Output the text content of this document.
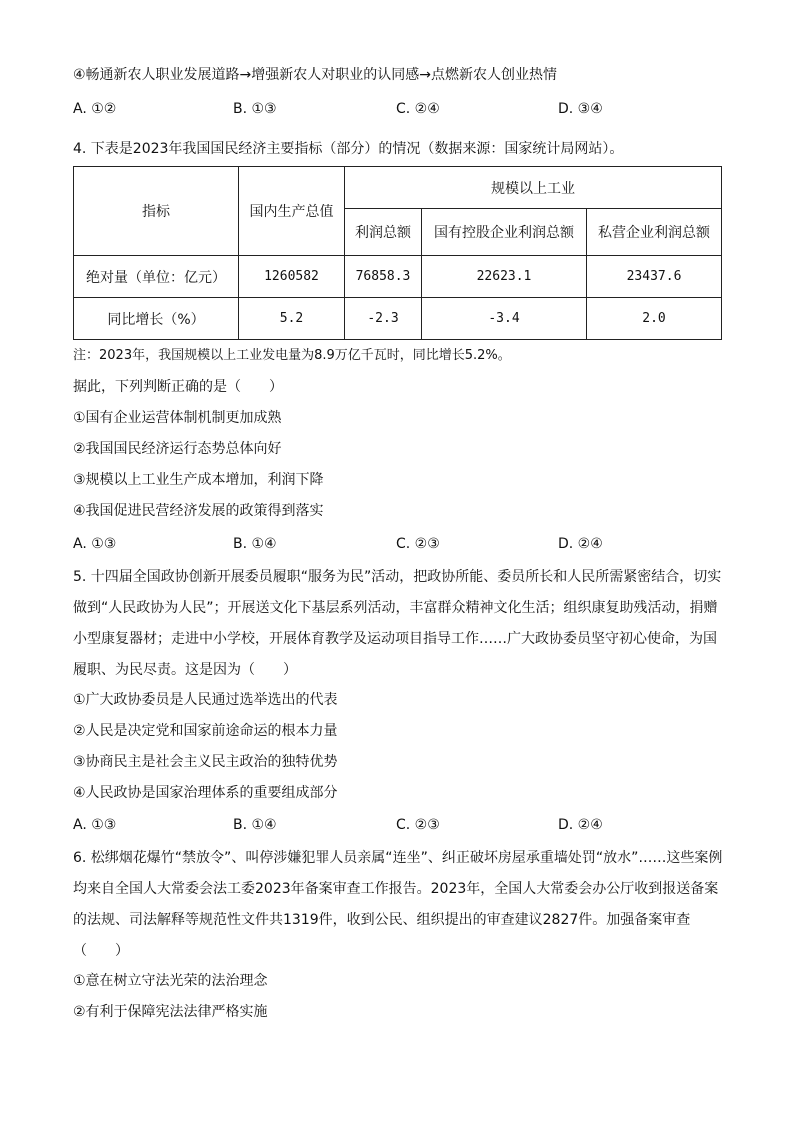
④畅通新农人职业发展道路→增强新农人对职业的认同感→点燃新农人创业热情
A. ①②	B. ①③	C. ②④	D. ③④
4. 下表是2023年我国国民经济主要指标（部分）的情况（数据来源：国家统计局网站）。
指标	国内生产总值	规模以上工业		
		利润总额	国有控股企业利润总额	私营企业利润总额
绝对量（单位：亿元）	1260582	76858.3	22623.1	23437.6
同比增长（%）	5.2	-2.3	-3.4	2.0
注：2023年，我国规模以上工业发电量为8.9万亿千瓦时，同比增长5.2%。
据此，下列判断正确的是（　　）
①国有企业运营体制机制更加成熟
②我国国民经济运行态势总体向好
③规模以上工业生产成本增加，利润下降
④我国促进民营经济发展的政策得到落实
A. ①③	B. ①④	C. ②③	D. ②④
5. 十四届全国政协创新开展委员履职“服务为民”活动，把政协所能、委员所长和人民所需紧密结合，切实做到“人民政协为人民”；开展送文化下基层系列活动，丰富群众精神文化生活；组织康复助残活动，捐赠小型康复器材；走进中小学校，开展体育教学及运动项目指导工作……广大政协委员坚守初心使命，为国履职、为民尽责。这是因为（　　）
①广大政协委员是人民通过选举选出的代表
②人民是决定党和国家前途命运的根本力量
③协商民主是社会主义民主政治的独特优势
④人民政协是国家治理体系的重要组成部分
A. ①③	B. ①④	C. ②③	D. ②④
6. 松绑烟花爆竹“禁放令”、叫停涉嫌犯罪人员亲属“连坐”、纠正破坏房屋承重墙处罚“放水”……这些案例均来自全国人大常委会法工委2023年备案审查工作报告。2023年，全国人大常委会办公厅收到报送备案的法规、司法解释等规范性文件共1319件，收到公民、组织提出的审查建议2827件。加强备案审查（　　）
①意在树立守法光荣的法治理念
②有利于保障宪法法律严格实施
